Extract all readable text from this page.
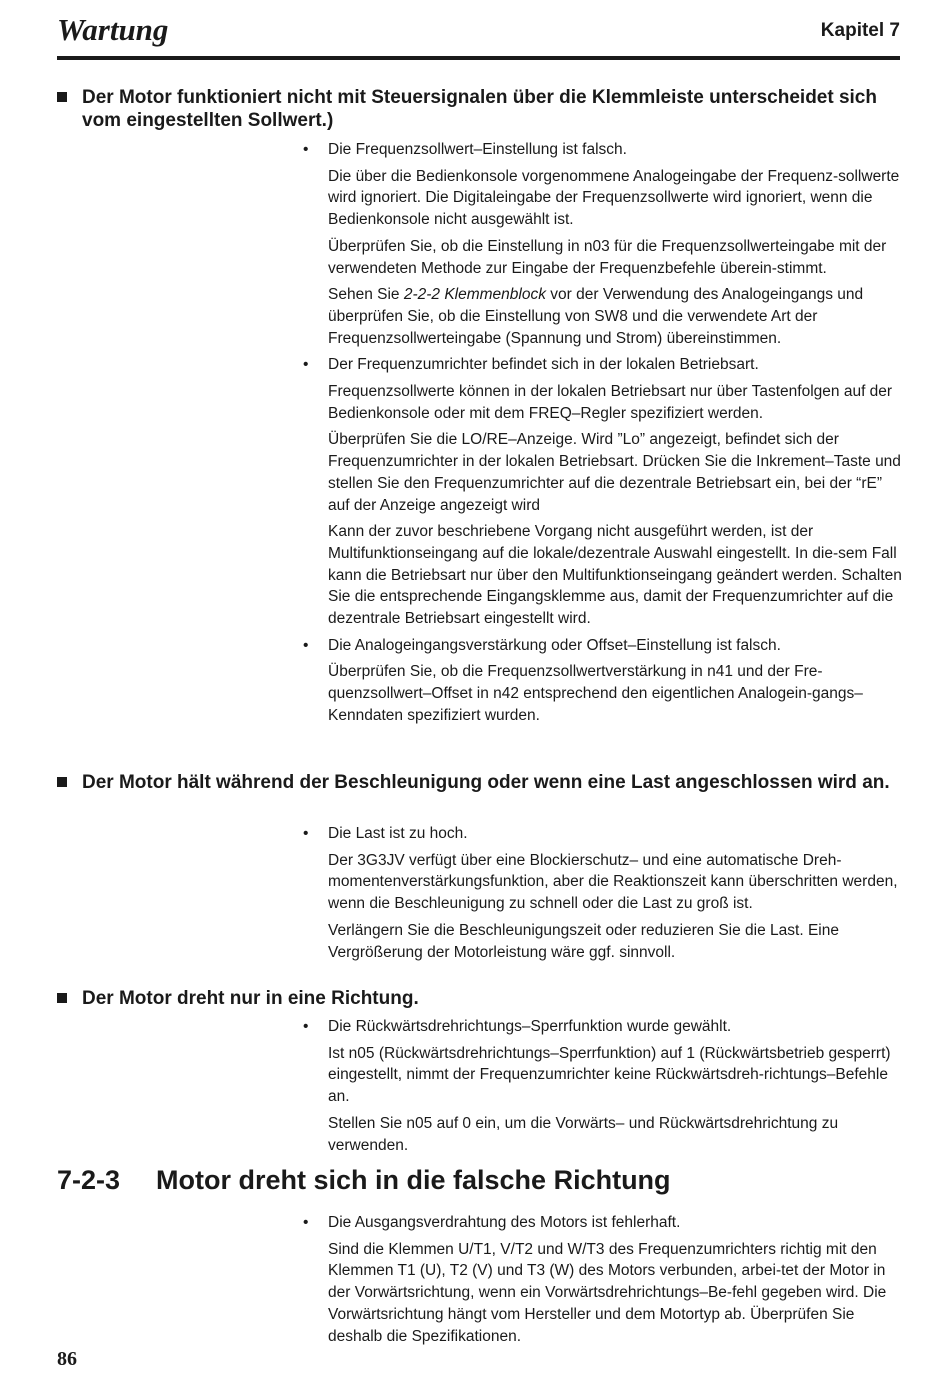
Wartung	Kapitel 7
Der Motor funktioniert nicht mit Steuersignalen über die Klemmleiste unterscheidet sich vom eingestellten Sollwert.)
• Die Frequenzsollwert–Einstellung ist falsch.
Die über die Bedienkonsole vorgenommene Analogeingabe der Frequenz-sollwerte wird ignoriert. Die Digitaleingabe der Frequenzsollwerte wird ignoriert, wenn die Bedienkonsole nicht ausgewählt ist.
Überprüfen Sie, ob die Einstellung in n03 für die Frequenzsollwerteingabe mit der verwendeten Methode zur Eingabe der Frequenzbefehle überein-stimmt.
Sehen Sie 2-2-2 Klemmenblock vor der Verwendung des Analogeingangs und überprüfen Sie, ob die Einstellung von SW8 und die verwendete Art der Frequenzsollwerteingabe (Spannung und Strom) übereinstimmen.
• Der Frequenzumrichter befindet sich in der lokalen Betriebsart.
Frequenzsollwerte können in der lokalen Betriebsart nur über Tastenfolgen auf der Bedienkonsole oder mit dem FREQ–Regler spezifiziert werden.
Überprüfen Sie die LO/RE–Anzeige. Wird ”Lo” angezeigt, befindet sich der Frequenzumrichter in der lokalen Betriebsart. Drücken Sie die Inkrement–Taste und stellen Sie den Frequenzumrichter auf die dezentrale Betriebsart ein, bei der “rE” auf der Anzeige angezeigt wird
Kann der zuvor beschriebene Vorgang nicht ausgeführt werden, ist der Multifunktionseingang auf die lokale/dezentrale Auswahl eingestellt. In die-sem Fall kann die Betriebsart nur über den Multifunktionseingang geändert werden. Schalten Sie die entsprechende Eingangsklemme aus, damit der Frequenzumrichter auf die dezentrale Betriebsart eingestellt wird.
• Die Analogeingangsverstärkung oder Offset–Einstellung ist falsch.
Überprüfen Sie, ob die Frequenzsollwertverstärkung in n41 und der Fre-quenzsollwert–Offset in n42 entsprechend den eigentlichen Analogein-gangs–Kenndaten spezifiziert wurden.
Der Motor hält während der Beschleunigung oder wenn eine Last angeschlossen wird an.
• Die Last ist zu hoch.
Der 3G3JV verfügt über eine Blockierschutz– und eine automatische Dreh-momentenverstärkungsfunktion, aber die Reaktionszeit kann überschritten werden, wenn die Beschleunigung zu schnell oder die Last zu groß ist.
Verlängern Sie die Beschleunigungszeit oder reduzieren Sie die Last. Eine Vergrößerung der Motorleistung wäre ggf. sinnvoll.
Der Motor dreht nur in eine Richtung.
• Die Rückwärtsdrehrichtungs–Sperrfunktion wurde gewählt.
Ist n05 (Rückwärtsdrehrichtungs–Sperrfunktion) auf 1 (Rückwärtsbetrieb gesperrt) eingestellt, nimmt der Frequenzumrichter keine Rückwärtsdreh-richtungs–Befehle an.
Stellen Sie n05 auf 0 ein, um die Vorwärts– und Rückwärtsdrehrichtung zu verwenden.
7-2-3 Motor dreht sich in die falsche Richtung
• Die Ausgangsverdrahtung des Motors ist fehlerhaft.
Sind die Klemmen U/T1, V/T2 und W/T3 des Frequenzumrichters richtig mit den Klemmen T1 (U), T2 (V) und T3 (W) des Motors verbunden, arbei-tet der Motor in der Vorwärtsrichtung, wenn ein Vorwärtsdrehrichtungs–Be-fehl gegeben wird. Die Vorwärtsrichtung hängt vom Hersteller und dem Motortyp ab. Überprüfen Sie deshalb die Spezifikationen.
86
